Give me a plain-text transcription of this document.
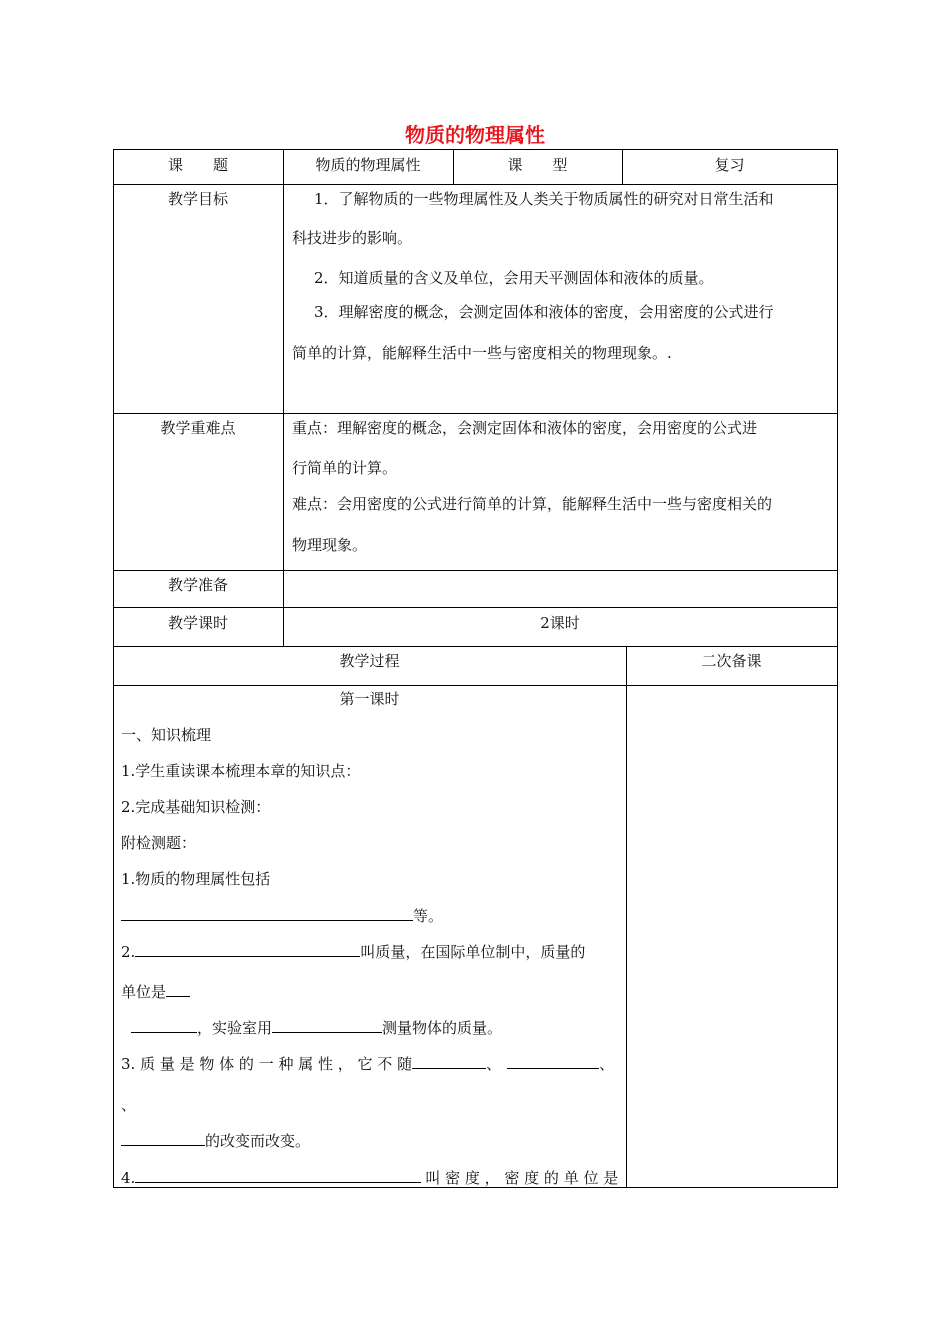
物质的物理属性
课　　题	物质的物理属性	课　　型	复习
教学目标	1．了解物质的一些物理属性及人类关于物质属性的研究对日常生活和
科技进步的影响。
2．知道质量的含义及单位，会用天平测固体和液体的质量。
3．理解密度的概念，会测定固体和液体的密度，会用密度的公式进行
简单的计算，能解释生活中一些与密度相关的物理现象。.
教学重难点	重点：理解密度的概念，会测定固体和液体的密度，会用密度的公式进
行简单的计算。
难点：会用密度的公式进行简单的计算，能解释生活中一些与密度相关的
物理现象。
教学准备
教学课时	2课时
教学过程	二次备课
第一课时
一、知识梳理
1.学生重读课本梳理本章的知识点：
2.完成基础知识检测：
附检测题：
1.物质的物理属性包括
等。
2.	叫质量，在国际单位制中，质量的
单位是
，实验室用	测量物体的质量。
3. 质 量 是 物 体 的 一 种 属 性 ， 它 不 随	、	、
、
的改变而改变。
4.	叫 密 度 ， 密 度 的 单 位 是
